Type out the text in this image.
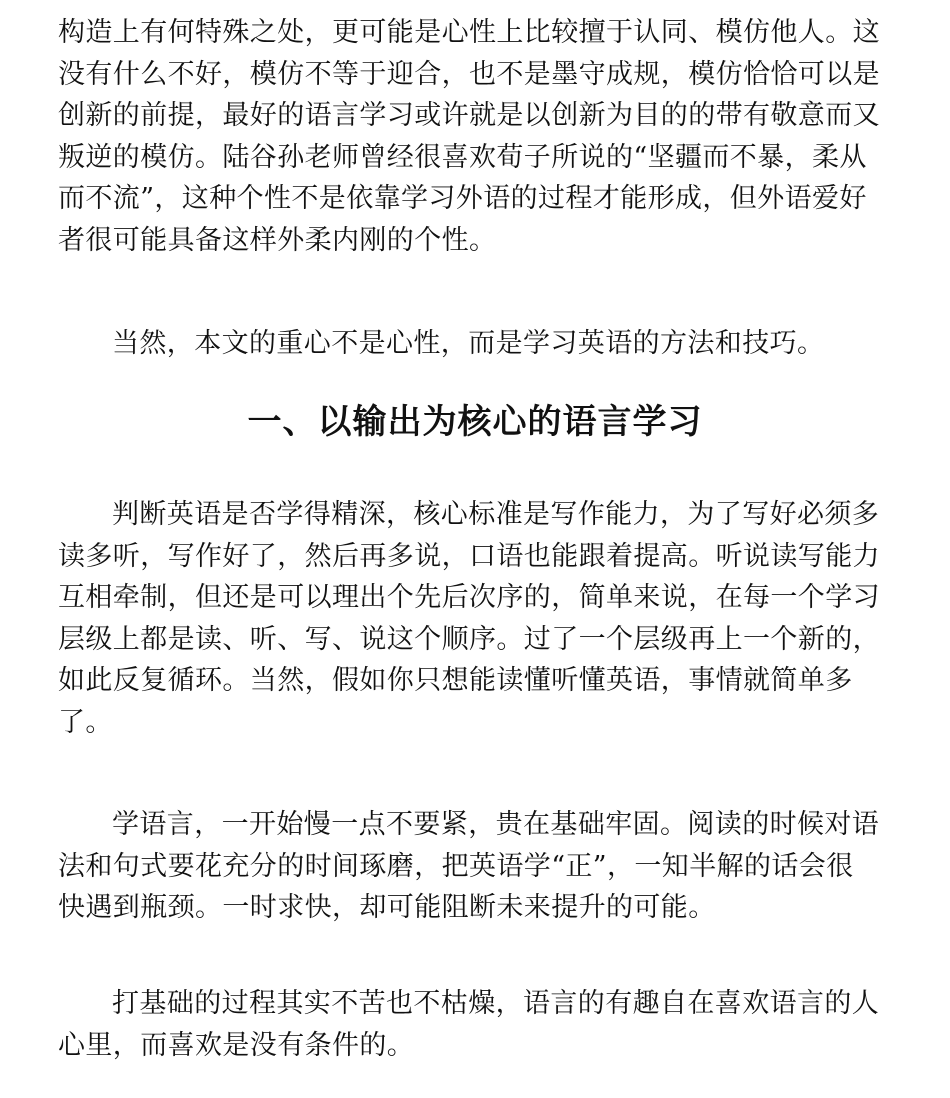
构造上有何特殊之处，更可能是心性上比较擅于认同、模仿他人。这
没有什么不好，模仿不等于迎合，也不是墨守成规，模仿恰恰可以是
创新的前提，最好的语言学习或许就是以创新为目的的带有敬意而又
叛逆的模仿。陆谷孙老师曾经很喜欢荀子所说的“坚疆而不暴，柔从
而不流”，这种个性不是依靠学习外语的过程才能形成，但外语爱好
者很可能具备这样外柔内刚的个性。
当然，本文的重心不是心性，而是学习英语的方法和技巧。
一、以输出为核心的语言学习
判断英语是否学得精深，核心标准是写作能力，为了写好必须多
读多听，写作好了，然后再多说，口语也能跟着提高。听说读写能力
互相牵制，但还是可以理出个先后次序的，简单来说，在每一个学习
层级上都是读、听、写、说这个顺序。过了一个层级再上一个新的，
如此反复循环。当然，假如你只想能读懂听懂英语，事情就简单多
了。
学语言，一开始慢一点不要紧，贵在基础牢固。阅读的时候对语
法和句式要花充分的时间琢磨，把英语学“正”，一知半解的话会很
快遇到瓶颈。一时求快，却可能阻断未来提升的可能。
打基础的过程其实不苦也不枯燥，语言的有趣自在喜欢语言的人
心里，而喜欢是没有条件的。
